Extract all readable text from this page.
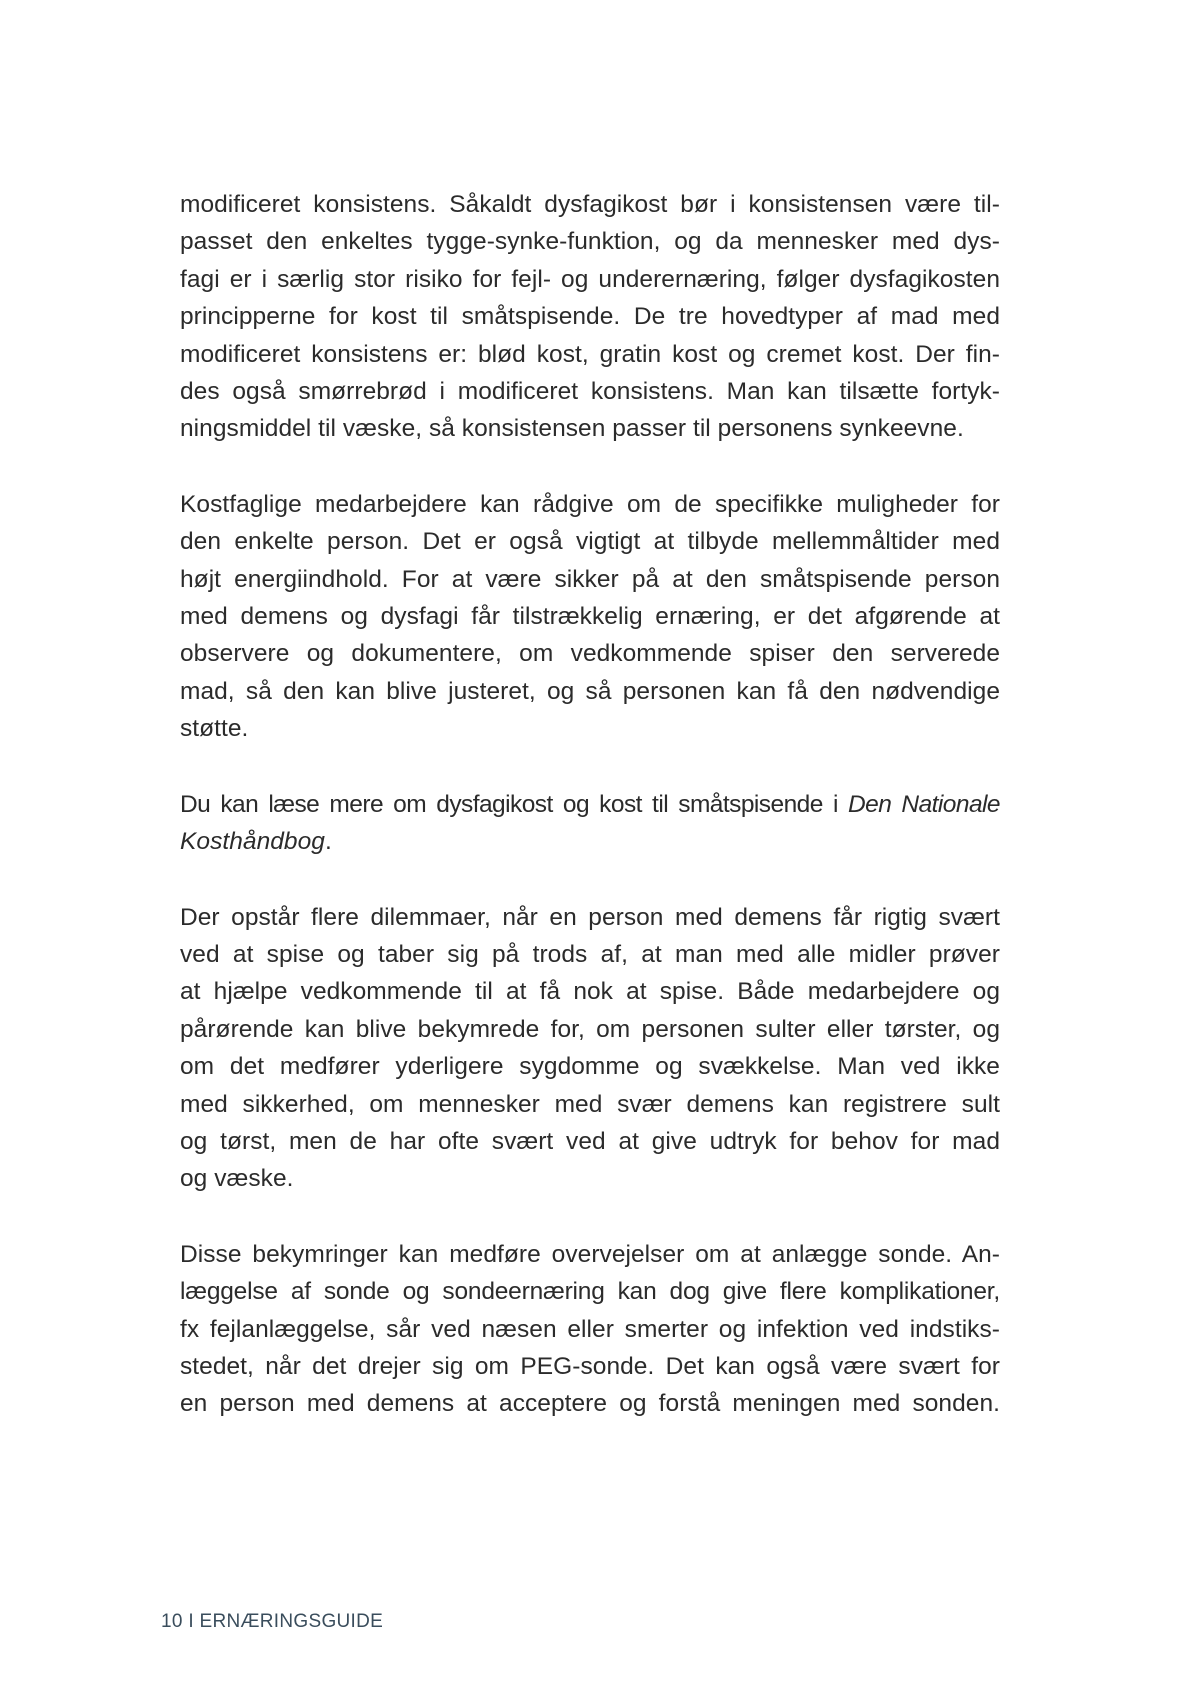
modificeret konsistens. Såkaldt dysfagikost bør i konsistensen være til-
passet den enkeltes tygge-synke-funktion, og da mennesker med dys-
fagi er i særlig stor risiko for fejl- og underernæring, følger dysfagikosten
principperne for kost til småtspisende. De tre hovedtyper af mad med
modificeret konsistens er: blød kost, gratin kost og cremet kost. Der fin-
des også smørrebrød i modificeret konsistens. Man kan tilsætte fortyk-
ningsmiddel til væske, så konsistensen passer til personens synkeevne.

Kostfaglige medarbejdere kan rådgive om de specifikke muligheder for
den enkelte person. Det er også vigtigt at tilbyde mellemmåltider med
højt energiindhold. For at være sikker på at den småtspisende person
med demens og dysfagi får tilstrækkelig ernæring, er det afgørende at
observere og dokumentere, om vedkommende spiser den serverede
mad, så den kan blive justeret, og så personen kan få den nødvendige
støtte.

Du kan læse mere om dysfagikost og kost til småtspisende i Den Nationale
Kosthåndbog.

Der opstår flere dilemmaer, når en person med demens får rigtig svært
ved at spise og taber sig på trods af, at man med alle midler prøver
at hjælpe vedkommende til at få nok at spise. Både medarbejdere og
pårørende kan blive bekymrede for, om personen sulter eller tørster, og
om det medfører yderligere sygdomme og svækkelse. Man ved ikke
med sikkerhed, om mennesker med svær demens kan registrere sult
og tørst, men de har ofte svært ved at give udtryk for behov for mad
og væske.

Disse bekymringer kan medføre overvejelser om at anlægge sonde. An-
læggelse af sonde og sondeernæring kan dog give flere komplikationer,
fx fejlanlæggelse, sår ved næsen eller smerter og infektion ved indstiks-
stedet, når det drejer sig om PEG-sonde. Det kan også være svært for
en person med demens at acceptere og forstå meningen med sonden.

10 I ERNÆRINGSGUIDE
